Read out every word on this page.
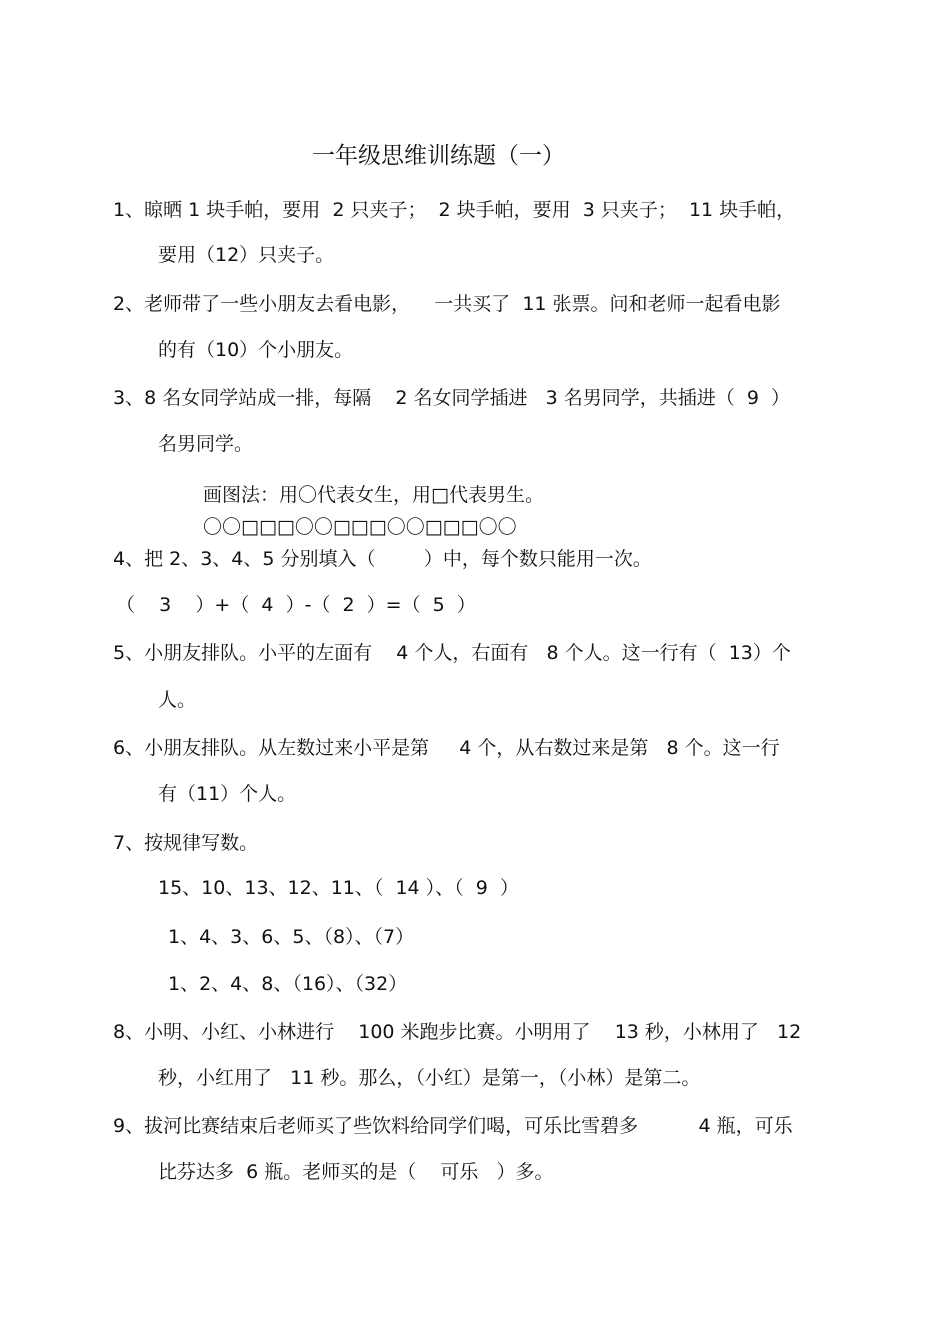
一年级思维训练题（一）
1、晾晒 1 块手帕，要用  2 只夹子；  2 块手帕，要用  3 只夹子；  11 块手帕，
要用（12）只夹子。
2、老师带了一些小朋友去看电影，    一共买了  11 张票。问和老师一起看电影
的有（10）个小朋友。
3、8 名女同学站成一排，每隔    2 名女同学插进   3 名男同学，共插进（  9  ）
名男同学。
画图法：用〇代表女生，用□代表男生。
〇〇□□□〇〇□□□〇〇□□□〇〇
4、把 2、3、4、5 分别填入（        ）中，每个数只能用一次。
（    3    ）+（  4  ）-（  2  ）=（  5  ）
5、小朋友排队。小平的左面有    4 个人，右面有   8 个人。这一行有（  13）个
人。
6、小朋友排队。从左数过来小平是第     4 个，从右数过来是第   8 个。这一行
有（11）个人。
7、按规律写数。
15、10、13、12、11、（  14 ）、（  9  ）
1、4、3、6、5、（8）、（7）
1、2、4、8、（16）、（32）
8、小明、小红、小林进行    100 米跑步比赛。小明用了    13 秒，小林用了   12
秒，小红用了   11 秒。那么，（小红）是第一，（小林）是第二。
9、拔河比赛结束后老师买了些饮料给同学们喝，可乐比雪碧多          4 瓶，可乐
比芬达多  6 瓶。老师买的是（    可乐   ）多。
